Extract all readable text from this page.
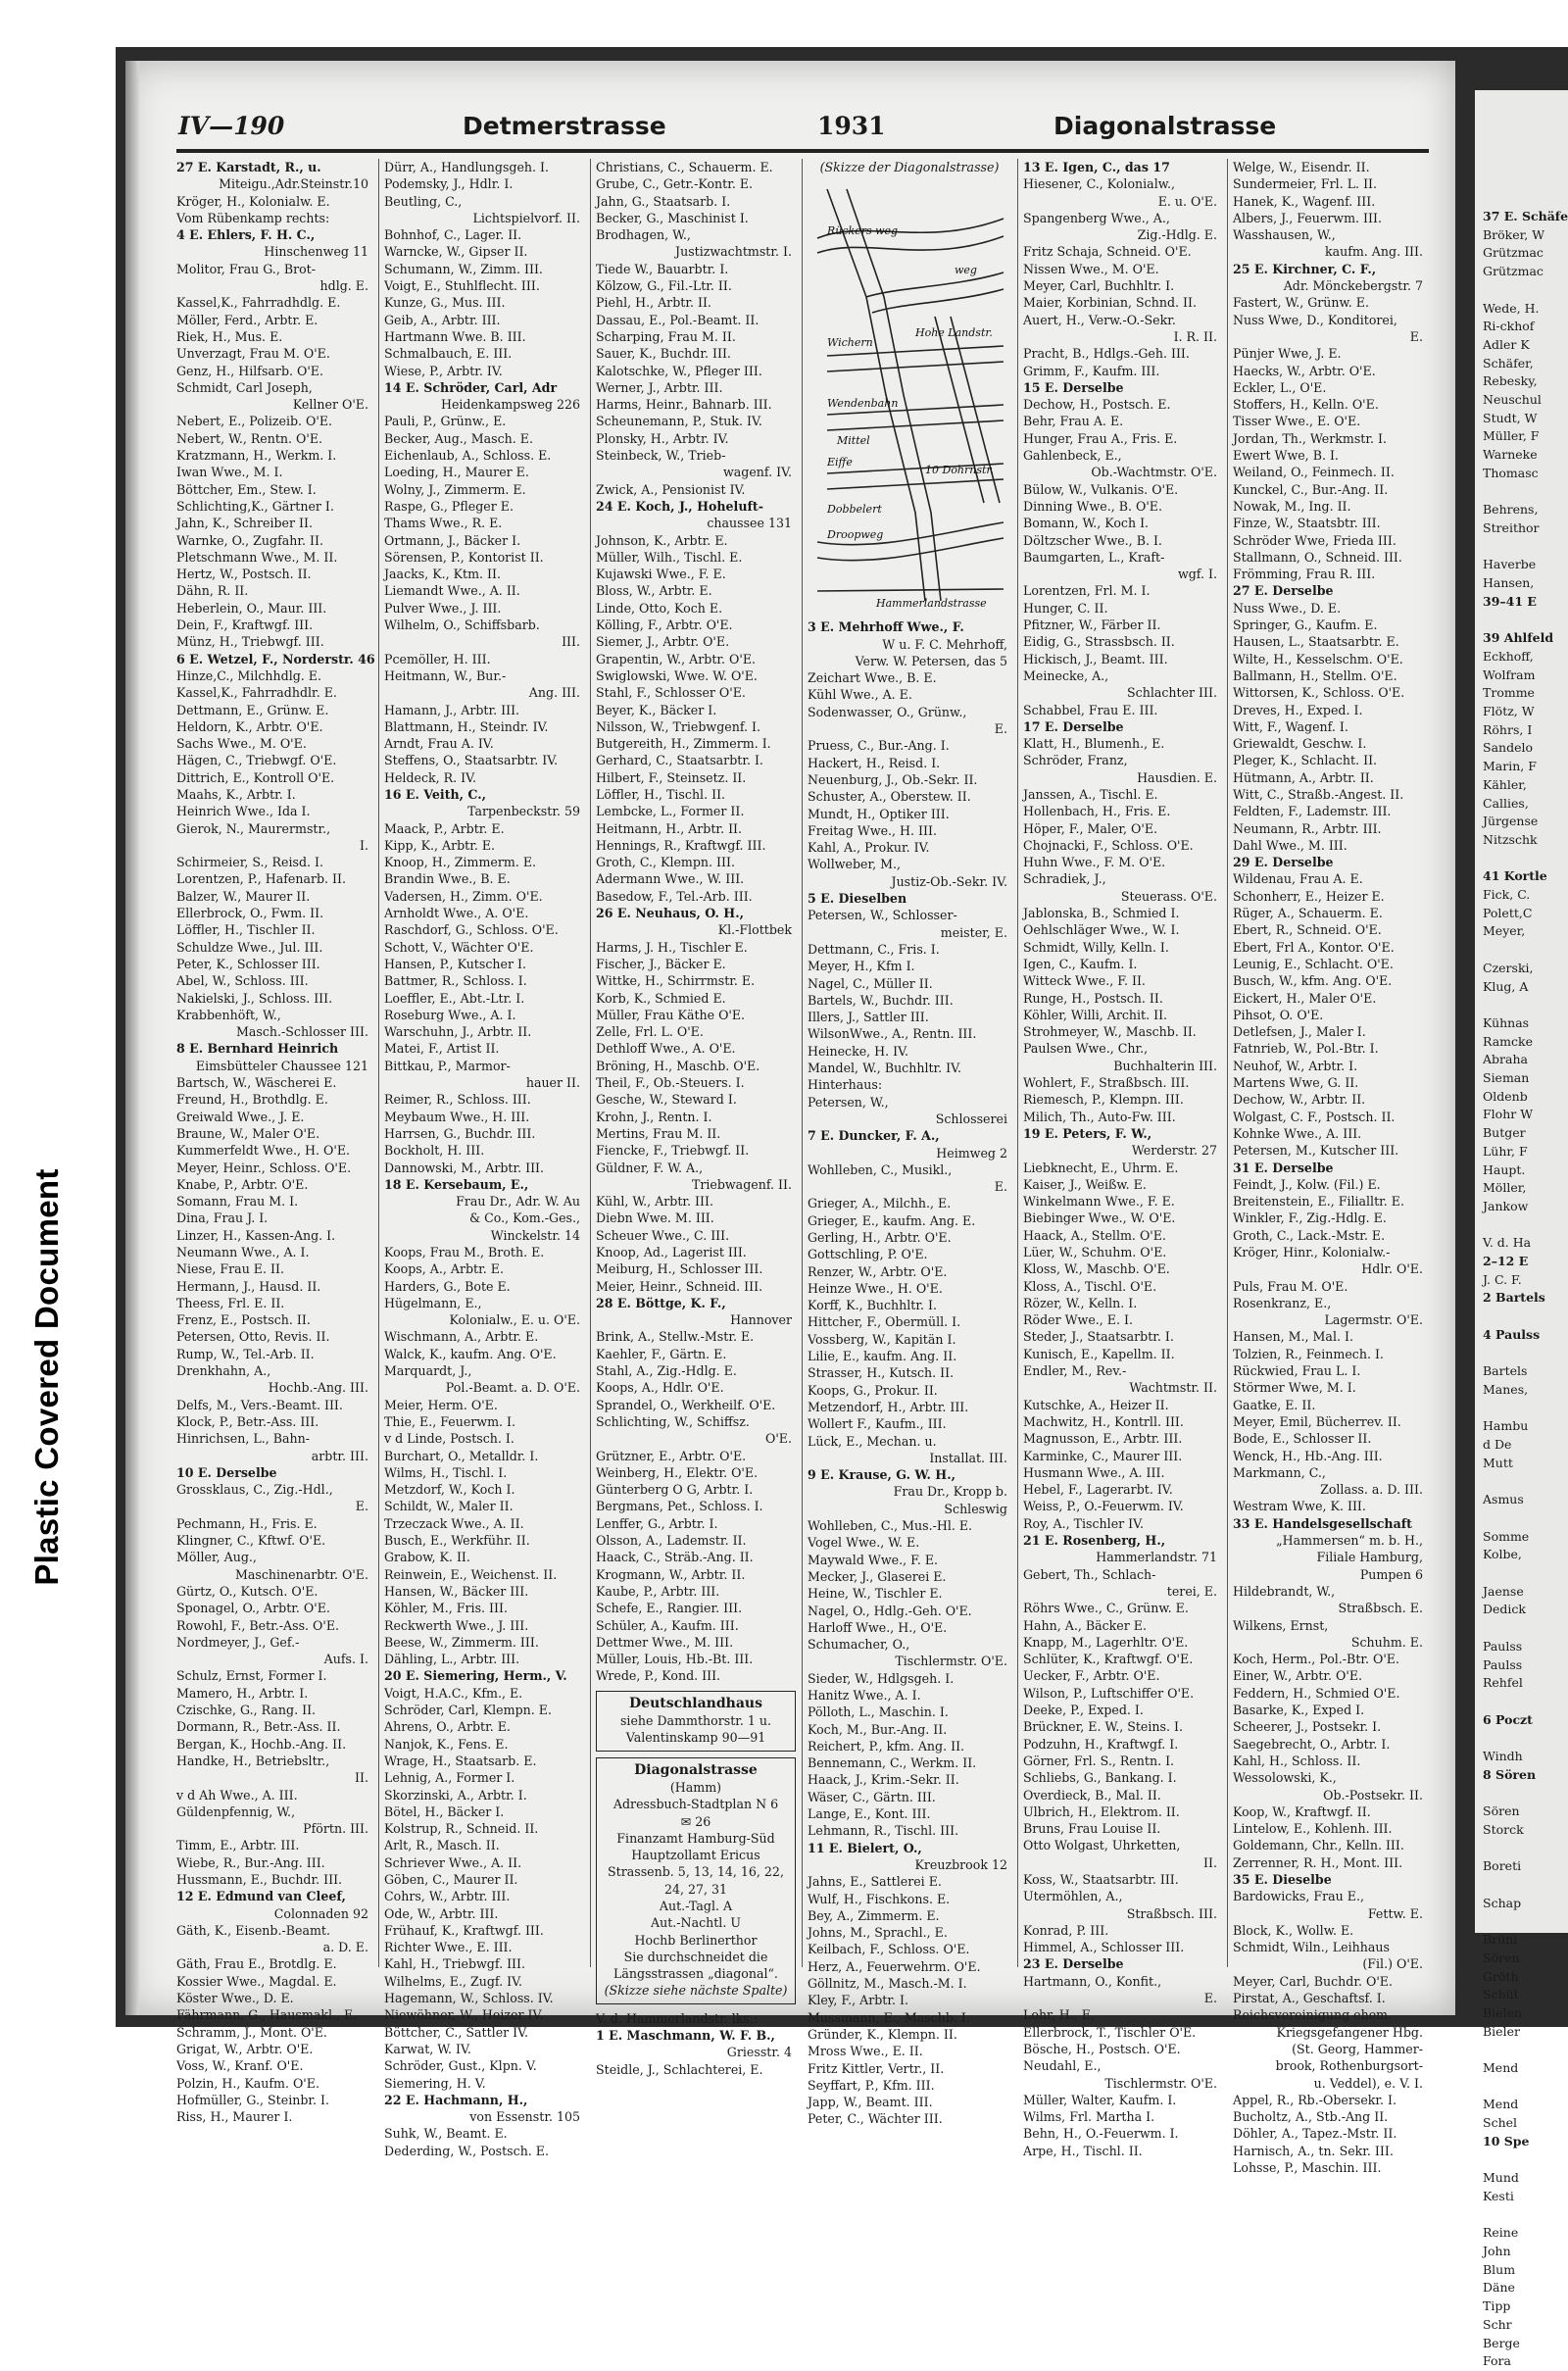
Plastic Covered Document
37 E. Schäfe
Bröker, W
Grützmac
Grützmac

Wede, H.
Ri-ckhof
Adler K
Schäfer,
Rebesky,
Neuschul
Studt, W
Müller, F
Warneke
Thomasc

Behrens,
Streithor

Haverbe
Hansen,
39–41 E

39 Ahlfeld
Eckhoff,
Wolfram
Tromme
Flötz, W
Röhrs, I
Sandelo
Marin, F
Kähler,
Callies,
Jürgense
Nitzschk

41 Kortle
Fick, C.
Polett,C
Meyer,

Czerski,
Klug, A

Kühnas
Ramcke
Abraha
Sieman
Oldenb
Flohr W
Butger
Lühr, F
Haupt.
Möller,
Jankow

V. d. Ha
2–12 E
J. C. F.
2 Bartels

4 Paulss

Bartels
Manes,

Hambu
d De
Mutt

Asmus

Somme
Kolbe,

Jaense
Dedick

Paulss
Paulss
Rehfel

6 Poczt

Windh
8 Sören

Sören
Storck

Boreti

Schap

Brüni
Sören
Gröth
Schüt
Bielen
Bieler

Mend

Mend
Schel
10 Spe

Mund
Kesti

Reine
John
Blum
Däne
Tipp
Schr
Berge
Fora
IV—190	Detmerstrasse	1931	Diagonalstrasse
27 E. Karstadt, R., u.
Miteigu.,Adr.Steinstr.10
Kröger, H., Kolonialw. E.
Vom Rübenkamp rechts:
4 E. Ehlers, F. H. C.,
Hinschenweg 11
Molitor, Frau G., Brot-
hdlg. E.
Kassel,K., Fahrradhdlg. E.
Möller, Ferd., Arbtr. E.
Riek, H., Mus. E.
Unverzagt, Frau M. O'E.
Genz, H., Hilfsarb. O'E.
Schmidt, Carl Joseph,
Kellner O'E.
Nebert, E., Polizeib. O'E.
Nebert, W., Rentn. O'E.
Kratzmann, H., Werkm. I.
Iwan Wwe., M. I.
Böttcher, Em., Stew. I.
Schlichting,K., Gärtner I.
Jahn, K., Schreiber II.
Warnke, O., Zugfahr. II.
Pletschmann Wwe., M. II.
Hertz, W., Postsch. II.
Dähn, R. II.
Heberlein, O., Maur. III.
Dein, F., Kraftwgf. III.
Münz, H., Triebwgf. III.
6 E. Wetzel, F., Norderstr. 46
Hinze,C., Milchhdlg. E.
Kassel,K., Fahrradhdlr. E.
Dettmann, E., Grünw. E.
Heldorn, K., Arbtr. O'E.
Sachs Wwe., M. O'E.
Hägen, C., Triebwgf. O'E.
Dittrich, E., Kontroll O'E.
Maahs, K., Arbtr. I.
Heinrich Wwe., Ida I.
Gierok, N., Maurermstr.,
I.
Schirmeier, S., Reisd. I.
Lorentzen, P., Hafenarb. II.
Balzer, W., Maurer II.
Ellerbrock, O., Fwm. II.
Löffler, H., Tischler II.
Schuldze Wwe., Jul. III.
Peter, K., Schlosser III.
Abel, W., Schloss. III.
Nakielski, J., Schloss. III.
Krabbenhöft, W.,
Masch.-Schlosser III.
8 E. Bernhard Heinrich
Eimsbütteler Chaussee 121
Bartsch, W., Wäscherei E.
Freund, H., Brothdlg. E.
Greiwald Wwe., J. E.
Braune, W., Maler O'E.
Kummerfeldt Wwe., H. O'E.
Meyer, Heinr., Schloss. O'E.
Knabe, P., Arbtr. O'E.
Somann, Frau M. I.
Dina, Frau J. I.
Linzer, H., Kassen-Ang. I.
Neumann Wwe., A. I.
Niese, Frau E. II.
Hermann, J., Hausd. II.
Theess, Frl. E. II.
Frenz, E., Postsch. II.
Petersen, Otto, Revis. II.
Rump, W., Tel.-Arb. II.
Drenkhahn, A.,
Hochb.-Ang. III.
Delfs, M., Vers.-Beamt. III.
Klock, P., Betr.-Ass. III.
Hinrichsen, L., Bahn-
arbtr. III.
10 E. Derselbe
Grossklaus, C., Zig.-Hdl.,
E.
Pechmann, H., Fris. E.
Klingner, C., Kftwf. O'E.
Möller, Aug.,
Maschinenarbtr. O'E.
Gürtz, O., Kutsch. O'E.
Sponagel, O., Arbtr. O'E.
Rowohl, F., Betr.-Ass. O'E.
Nordmeyer, J., Gef.-
Aufs. I.
Schulz, Ernst, Former I.
Mamero, H., Arbtr. I.
Czischke, G., Rang. II.
Dormann, R., Betr.-Ass. II.
Bergan, K., Hochb.-Ang. II.
Handke, H., Betriebsltr.,
II.
v d Ah Wwe., A. III.
Güldenpfennig, W.,
Pförtn. III.
Timm, E., Arbtr. III.
Wiebe, R., Bur.-Ang. III.
Hussmann, E., Buchdr. III.
12 E. Edmund van Cleef,
Colonnaden 92
Gäth, K., Eisenb.-Beamt.
a. D. E.
Gäth, Frau E., Brotdlg. E.
Kossier Wwe., Magdal. E.
Köster Wwe., D. E.
Fährmann, G., Hausmakl., E.
Schramm, J., Mont. O'E.
Grigat, W., Arbtr. O'E.
Voss, W., Kranf. O'E.
Polzin, H., Kaufm. O'E.
Hofmüller, G., Steinbr. I.
Riss, H., Maurer I.
Dürr, A., Handlungsgeh. I.
Podemsky, J., Hdlr. I.
Beutling, C.,
Lichtspielvorf. II.
Bohnhof, C., Lager. II.
Warncke, W., Gipser II.
Schumann, W., Zimm. III.
Voigt, E., Stuhlflecht. III.
Kunze, G., Mus. III.
Geib, A., Arbtr. III.
Hartmann Wwe. B. III.
Schmalbauch, E. III.
Wiese, P., Arbtr. IV.
14 E. Schröder, Carl, Adr
Heidenkampsweg 226
Pauli, P., Grünw., E.
Becker, Aug., Masch. E.
Eichenlaub, A., Schloss. E.
Loeding, H., Maurer E.
Wolny, J., Zimmerm. E.
Raspe, G., Pfleger E.
Thams Wwe., R. E.
Ortmann, J., Bäcker I.
Sörensen, P., Kontorist II.
Jaacks, K., Ktm. II.
Liemandt Wwe., A. II.
Pulver Wwe., J. III.
Wilhelm, O., Schiffsbarb.
III.
Pcemöller, H. III.
Heitmann, W., Bur.-
Ang. III.
Hamann, J., Arbtr. III.
Blattmann, H., Steindr. IV.
Arndt, Frau A. IV.
Steffens, O., Staatsarbtr. IV.
Heldeck, R. IV.
16 E. Veith, C.,
Tarpenbeckstr. 59
Maack, P., Arbtr. E.
Kipp, K., Arbtr. E.
Knoop, H., Zimmerm. E.
Brandin Wwe., B. E.
Vadersen, H., Zimm. O'E.
Arnholdt Wwe., A. O'E.
Raschdorf, G., Schloss. O'E.
Schott, V., Wächter O'E.
Hansen, P., Kutscher I.
Battmer, R., Schloss. I.
Loeffler, E., Abt.-Ltr. I.
Roseburg Wwe., A. I.
Warschuhn, J., Arbtr. II.
Matei, F., Artist II.
Bittkau, P., Marmor-
hauer II.
Reimer, R., Schloss. III.
Meybaum Wwe., H. III.
Harrsen, G., Buchdr. III.
Bockholt, H. III.
Dannowski, M., Arbtr. III.
18 E. Kersebaum, E.,
Frau Dr., Adr. W. Au
& Co., Kom.-Ges.,
Winckelstr. 14
Koops, Frau M., Broth. E.
Koops, A., Arbtr. E.
Harders, G., Bote E.
Hügelmann, E.,
Kolonialw., E. u. O'E.
Wischmann, A., Arbtr. E.
Walck, K., kaufm. Ang. O'E.
Marquardt, J.,
Pol.-Beamt. a. D. O'E.
Meier, Herm. O'E.
Thie, E., Feuerwm. I.
v d Linde, Postsch. I.
Burchart, O., Metalldr. I.
Wilms, H., Tischl. I.
Metzdorf, W., Koch I.
Schildt, W., Maler II.
Trzeczack Wwe., A. II.
Busch, E., Werkführ. II.
Grabow, K. II.
Reinwein, E., Weichenst. II.
Hansen, W., Bäcker III.
Köhler, M., Fris. III.
Reckwerth Wwe., J. III.
Beese, W., Zimmerm. III.
Dähling, L., Arbtr. III.
20 E. Siemering, Herm., V.
Voigt, H.A.C., Kfm., E.
Schröder, Carl, Klempn. E.
Ahrens, O., Arbtr. E.
Nanjok, K., Fens. E.
Wrage, H., Staatsarb. E.
Lehnig, A., Former I.
Skorzinski, A., Arbtr. I.
Bötel, H., Bäcker I.
Kolstrup, R., Schneid. II.
Arlt, R., Masch. II.
Schriever Wwe., A. II.
Göben, C., Maurer II.
Cohrs, W., Arbtr. III.
Ode, W., Arbtr. III.
Frühauf, K., Kraftwgf. III.
Richter Wwe., E. III.
Kahl, H., Triebwgf. III.
Wilhelms, E., Zugf. IV.
Hagemann, W., Schloss. IV.
Niewöhner, W., Heizer IV.
Böttcher, C., Sattler IV.
Karwat, W. IV.
Schröder, Gust., Klpn. V.
Siemering, H. V.
22 E. Hachmann, H.,
von Essenstr. 105
Suhk, W., Beamt. E.
Dederding, W., Postsch. E.
Christians, C., Schauerm. E.
Grube, C., Getr.-Kontr. E.
Jahn, G., Staatsarb. I.
Becker, G., Maschinist I.
Brodhagen, W.,
Justizwachtmstr. I.
Tiede W., Bauarbtr. I.
Kölzow, G., Fil.-Ltr. II.
Piehl, H., Arbtr. II.
Dassau, E., Pol.-Beamt. II.
Scharping, Frau M. II.
Sauer, K., Buchdr. III.
Kalotschke, W., Pfleger III.
Werner, J., Arbtr. III.
Harms, Heinr., Bahnarb. III.
Scheunemann, P., Stuk. IV.
Plonsky, H., Arbtr. IV.
Steinbeck, W., Trieb-
wagenf. IV.
Zwick, A., Pensionist IV.
24 E. Koch, J., Hoheluft-
chaussee 131
Johnson, K., Arbtr. E.
Müller, Wilh., Tischl. E.
Kujawski Wwe., F. E.
Bloss, W., Arbtr. E.
Linde, Otto, Koch E.
Kölling, F., Arbtr. O'E.
Siemer, J., Arbtr. O'E.
Grapentin, W., Arbtr. O'E.
Swiglowski, Wwe. W. O'E.
Stahl, F., Schlosser O'E.
Beyer, K., Bäcker I.
Nilsson, W., Triebwgenf. I.
Butgereith, H., Zimmerm. I.
Gerhard, C., Staatsarbtr. I.
Hilbert, F., Steinsetz. II.
Löffler, H., Tischl. II.
Lembcke, L., Former II.
Heitmann, H., Arbtr. II.
Hennings, R., Kraftwgf. III.
Groth, C., Klempn. III.
Adermann Wwe., W. III.
Basedow, F., Tel.-Arb. III.
26 E. Neuhaus, O. H.,
Kl.-Flottbek
Harms, J. H., Tischler E.
Fischer, J., Bäcker E.
Wittke, H., Schirrmstr. E.
Korb, K., Schmied E.
Müller, Frau Käthe O'E.
Zelle, Frl. L. O'E.
Dethloff Wwe., A. O'E.
Bröning, H., Maschb. O'E.
Theil, F., Ob.-Steuers. I.
Gesche, W., Steward I.
Krohn, J., Rentn. I.
Mertins, Frau M. II.
Fiencke, F., Triebwgf. II.
Güldner, F. W. A.,
Triebwagenf. II.
Kühl, W., Arbtr. III.
Diebn Wwe. M. III.
Scheuer Wwe., C. III.
Knoop, Ad., Lagerist III.
Meiburg, H., Schlosser III.
Meier, Heinr., Schneid. III.
28 E. Böttge, K. F.,
Hannover
Brink, A., Stellw.-Mstr. E.
Kaehler, F., Gärtn. E.
Stahl, A., Zig.-Hdlg. E.
Koops, A., Hdlr. O'E.
Sprandel, O., Werkheilf. O'E.
Schlichting, W., Schiffsz.
O'E.
Grützner, E., Arbtr. O'E.
Weinberg, H., Elektr. O'E.
Günterberg O G, Arbtr. I.
Bergmans, Pet., Schloss. I.
Lenffer, G., Arbtr. I.
Olsson, A., Lademstr. II.
Haack, C., Sträb.-Ang. II.
Krogmann, W., Arbtr. II.
Kaube, P., Arbtr. III.
Schefe, E., Rangier. III.
Schüler, A., Kaufm. III.
Dettmer Wwe., M. III.
Müller, Louis, Hb.-Bt. III.
Wrede, P., Kond. III.
Deutschlandhaus
siehe Dammthorstr. 1 u.
Valentinskamp 90—91
Diagonalstrasse
(Hamm)
Adressbuch-Stadtplan N 6
✉ 26
Finanzamt Hamburg-Süd
Hauptzollamt Ericus
Strassenb. 5, 13, 14, 16, 22,
24, 27, 31
Aut.-Tagl. A
Aut.-Nachtl. U
Hochb Berlinerthor
Sie durchschneidet die
Längsstrassen „diagonal“.
(Skizze siehe nächste Spalte)
V. d. Hammerlandstr. lks.:
1 E. Maschmann, W. F. B.,
Griesstr. 4
Steidle, J., Schlachterei, E.
(Skizze der Diagonalstrasse)
Rückers weg
weg
Wichern
Hohe Landstr.
Wendenbahn
Mittel
Eiffe
Dobbelert
Droopweg
Hammerlandstrasse
10 Dohrnstr.
3 E. Mehrhoff Wwe., F.
W u. F. C. Mehrhoff,
Verw. W. Petersen, das 5
Zeichart Wwe., B. E.
Kühl Wwe., A. E.
Sodenwasser, O., Grünw.,
E.
Pruess, C., Bur.-Ang. I.
Hackert, H., Reisd. I.
Neuenburg, J., Ob.-Sekr. II.
Schuster, A., Oberstew. II.
Mundt, H., Optiker III.
Freitag Wwe., H. III.
Kahl, A., Prokur. IV.
Wollweber, M.,
Justiz-Ob.-Sekr. IV.
5 E. Dieselben
Petersen, W., Schlosser-
meister, E.
Dettmann, C., Fris. I.
Meyer, H., Kfm I.
Nagel, C., Müller II.
Bartels, W., Buchdr. III.
Illers, J., Sattler III.
WilsonWwe., A., Rentn. III.
Heinecke, H. IV.
Mandel, W., Buchhltr. IV.
Hinterhaus:
Petersen, W.,
Schlosserei
7 E. Duncker, F. A.,
Heimweg 2
Wohlleben, C., Musikl.,
E.
Grieger, A., Milchh., E.
Grieger, E., kaufm. Ang. E.
Gerling, H., Arbtr. O'E.
Gottschling, P. O'E.
Renzer, W., Arbtr. O'E.
Heinze Wwe., H. O'E.
Korff, K., Buchhltr. I.
Hittcher, F., Obermüll. I.
Vossberg, W., Kapitän I.
Lilie, E., kaufm. Ang. II.
Strasser, H., Kutsch. II.
Koops, G., Prokur. II.
Metzendorf, H., Arbtr. III.
Wollert F., Kaufm., III.
Lück, E., Mechan. u.
Installat. III.
9 E. Krause, G. W. H.,
Frau Dr., Kropp b.
Schleswig
Wohlleben, C., Mus.-Hl. E.
Vogel Wwe., W. E.
Maywald Wwe., F. E.
Mecker, J., Glaserei E.
Heine, W., Tischler E.
Nagel, O., Hdlg.-Geh. O'E.
Harloff Wwe., H., O'E.
Schumacher, O.,
Tischlermstr. O'E.
Sieder, W., Hdlgsgeh. I.
Hanitz Wwe., A. I.
Pölloth, L., Maschin. I.
Koch, M., Bur.-Ang. II.
Reichert, P., kfm. Ang. II.
Bennemann, C., Werkm. II.
Haack, J., Krim.-Sekr. II.
Wäser, C., Gärtn. III.
Lange, E., Kont. III.
Lehmann, R., Tischl. III.
11 E. Bielert, O.,
Kreuzbrook 12
Jahns, E., Sattlerei E.
Wulf, H., Fischkons. E.
Bey, A., Zimmerm. E.
Johns, M., Sprachl., E.
Keilbach, F., Schloss. O'E.
Herz, A., Feuerwehrm. O'E.
Göllnitz, M., Masch.-M. I.
Kley, F., Arbtr. I.
Mussmann, E., Maschb. I.
Gründer, K., Klempn. II.
Mross Wwe., E. II.
Fritz Kittler, Vertr., II.
Seyffart, P., Kfm. III.
Japp, W., Beamt. III.
Peter, C., Wächter III.
13 E. Igen, C., das 17
Hiesener, C., Kolonialw.,
E. u. O'E.
Spangenberg Wwe., A.,
Zig.-Hdlg. E.
Fritz Schaja, Schneid. O'E.
Nissen Wwe., M. O'E.
Meyer, Carl, Buchhltr. I.
Maier, Korbinian, Schnd. II.
Auert, H., Verw.-O.-Sekr.
I. R. II.
Pracht, B., Hdlgs.-Geh. III.
Grimm, F., Kaufm. III.
15 E. Derselbe
Dechow, H., Postsch. E.
Behr, Frau A. E.
Hunger, Frau A., Fris. E.
Gahlenbeck, E.,
Ob.-Wachtmstr. O'E.
Bülow, W., Vulkanis. O'E.
Dinning Wwe., B. O'E.
Bomann, W., Koch I.
Döltzscher Wwe., B. I.
Baumgarten, L., Kraft-
wgf. I.
Lorentzen, Frl. M. I.
Hunger, C. II.
Pfitzner, W., Färber II.
Eidig, G., Strassbsch. II.
Hickisch, J., Beamt. III.
Meinecke, A.,
Schlachter III.
Schabbel, Frau E. III.
17 E. Derselbe
Klatt, H., Blumenh., E.
Schröder, Franz,
Hausdien. E.
Janssen, A., Tischl. E.
Hollenbach, H., Fris. E.
Höper, F., Maler, O'E.
Chojnacki, F., Schloss. O'E.
Huhn Wwe., F. M. O'E.
Schradiek, J.,
Steuerass. O'E.
Jablonska, B., Schmied I.
Oehlschläger Wwe., W. I.
Schmidt, Willy, Kelln. I.
Igen, C., Kaufm. I.
Witteck Wwe., F. II.
Runge, H., Postsch. II.
Köhler, Willi, Archit. II.
Strohmeyer, W., Maschb. II.
Paulsen Wwe., Chr.,
Buchhalterin III.
Wohlert, F., Straßbsch. III.
Riemesch, P., Klempn. III.
Milich, Th., Auto-Fw. III.
19 E. Peters, F. W.,
Werderstr. 27
Liebknecht, E., Uhrm. E.
Kaiser, J., Weißw. E.
Winkelmann Wwe., F. E.
Biebinger Wwe., W. O'E.
Haack, A., Stellm. O'E.
Lüer, W., Schuhm. O'E.
Kloss, W., Maschb. O'E.
Kloss, A., Tischl. O'E.
Rözer, W., Kelln. I.
Röder Wwe., E. I.
Steder, J., Staatsarbtr. I.
Kunisch, E., Kapellm. II.
Endler, M., Rev.-
Wachtmstr. II.
Kutschke, A., Heizer II.
Machwitz, H., Kontrll. III.
Magnusson, E., Arbtr. III.
Karminke, C., Maurer III.
Husmann Wwe., A. III.
Hebel, F., Lagerarbt. IV.
Weiss, P., O.-Feuerwm. IV.
Roy, A., Tischler IV.
21 E. Rosenberg, H.,
Hammerlandstr. 71
Gebert, Th., Schlach-
terei, E.
Röhrs Wwe., C., Grünw. E.
Hahn, A., Bäcker E.
Knapp, M., Lagerhltr. O'E.
Schlüter, K., Kraftwgf. O'E.
Uecker, F., Arbtr. O'E.
Wilson, P., Luftschiffer O'E.
Deeke, P., Exped. I.
Brückner, E. W., Steins. I.
Podzuhn, H., Kraftwgf. I.
Görner, Frl. S., Rentn. I.
Schliebs, G., Bankang. I.
Overdieck, B., Mal. II.
Ulbrich, H., Elektrom. II.
Bruns, Frau Louise II.
Otto Wolgast, Uhrketten,
II.
Koss, W., Staatsarbtr. III.
Utermöhlen, A.,
Straßbsch. III.
Konrad, P. III.
Himmel, A., Schlosser III.
23 E. Derselbe
Hartmann, O., Konfit.,
E.
Lohr, H., E.
Ellerbrock, T., Tischler O'E.
Bösche, H., Postsch. O'E.
Neudahl, E.,
Tischlermstr. O'E.
Müller, Walter, Kaufm. I.
Wilms, Frl. Martha I.
Behn, H., O.-Feuerwm. I.
Arpe, H., Tischl. II.
Welge, W., Eisendr. II.
Sundermeier, Frl. L. II.
Hanek, K., Wagenf. III.
Albers, J., Feuerwm. III.
Wasshausen, W.,
kaufm. Ang. III.
25 E. Kirchner, C. F.,
Adr. Mönckebergstr. 7
Fastert, W., Grünw. E.
Nuss Wwe, D., Konditorei,
E.
Pünjer Wwe, J. E.
Haecks, W., Arbtr. O'E.
Eckler, L., O'E.
Stoffers, H., Kelln. O'E.
Tisser Wwe., E. O'E.
Jordan, Th., Werkmstr. I.
Ewert Wwe, B. I.
Weiland, O., Feinmech. II.
Kunckel, C., Bur.-Ang. II.
Nowak, M., Ing. II.
Finze, W., Staatsbtr. III.
Schröder Wwe, Frieda III.
Stallmann, O., Schneid. III.
Frömming, Frau R. III.
27 E. Derselbe
Nuss Wwe., D. E.
Springer, G., Kaufm. E.
Hausen, L., Staatsarbtr. E.
Wilte, H., Kesselschm. O'E.
Ballmann, H., Stellm. O'E.
Wittorsen, K., Schloss. O'E.
Dreves, H., Exped. I.
Witt, F., Wagenf. I.
Griewaldt, Geschw. I.
Pleger, K., Schlacht. II.
Hütmann, A., Arbtr. II.
Witt, C., Straßb.-Angest. II.
Feldten, F., Lademstr. III.
Neumann, R., Arbtr. III.
Dahl Wwe., M. III.
29 E. Derselbe
Wildenau, Frau A. E.
Schonherr, E., Heizer E.
Rüger, A., Schauerm. E.
Ebert, R., Schneid. O'E.
Ebert, Frl A., Kontor. O'E.
Leunig, E., Schlacht. O'E.
Busch, W., kfm. Ang. O'E.
Eickert, H., Maler O'E.
Pihsot, O. O'E.
Detlefsen, J., Maler I.
Fatnrieb, W., Pol.-Btr. I.
Neuhof, W., Arbtr. I.
Martens Wwe, G. II.
Dechow, W., Arbtr. II.
Wolgast, C. F., Postsch. II.
Kohnke Wwe., A. III.
Petersen, M., Kutscher III.
31 E. Derselbe
Feindt, J., Kolw. (Fil.) E.
Breitenstein, E., Filialltr. E.
Winkler, F., Zig.-Hdlg. E.
Groth, C., Lack.-Mstr. E.
Kröger, Hinr., Kolonialw.-
Hdlr. O'E.
Puls, Frau M. O'E.
Rosenkranz, E.,
Lagermstr. O'E.
Hansen, M., Mal. I.
Tolzien, R., Feinmech. I.
Rückwied, Frau L. I.
Störmer Wwe, M. I.
Gaatke, E. II.
Meyer, Emil, Bücherrev. II.
Bode, E., Schlosser II.
Wenck, H., Hb.-Ang. III.
Markmann, C.,
Zollass. a. D. III.
Westram Wwe, K. III.
33 E. Handelsgesellschaft
„Hammersen“ m. b. H.,
Filiale Hamburg,
Pumpen 6
Hildebrandt, W.,
Straßbsch. E.
Wilkens, Ernst,
Schuhm. E.
Koch, Herm., Pol.-Btr. O'E.
Einer, W., Arbtr. O'E.
Feddern, H., Schmied O'E.
Basarke, K., Exped I.
Scheerer, J., Postsekr. I.
Saegebrecht, O., Arbtr. I.
Kahl, H., Schloss. II.
Wessolowski, K.,
Ob.-Postsekr. II.
Koop, W., Kraftwgf. II.
Lintelow, E., Kohlenh. III.
Goldemann, Chr., Kelln. III.
Zerrenner, R. H., Mont. III.
35 E. Dieselbe
Bardowicks, Frau E.,
Fettw. E.
Block, K., Wollw. E.
Schmidt, Wiln., Leihhaus
(Fil.) O'E.
Meyer, Carl, Buchdr. O'E.
Pirstat, A., Geschaftsf. I.
Reichsvereinigung ehem.
Kriegsgefangener Hbg.
(St. Georg, Hammer-
brook, Rothenburgsort-
u. Veddel), e. V. I.
Appel, R., Rb.-Obersekr. I.
Bucholtz, A., Stb.-Ang II.
Döhler, A., Tapez.-Mstr. II.
Harnisch, A., tn. Sekr. III.
Lohsse, P., Maschin. III.
